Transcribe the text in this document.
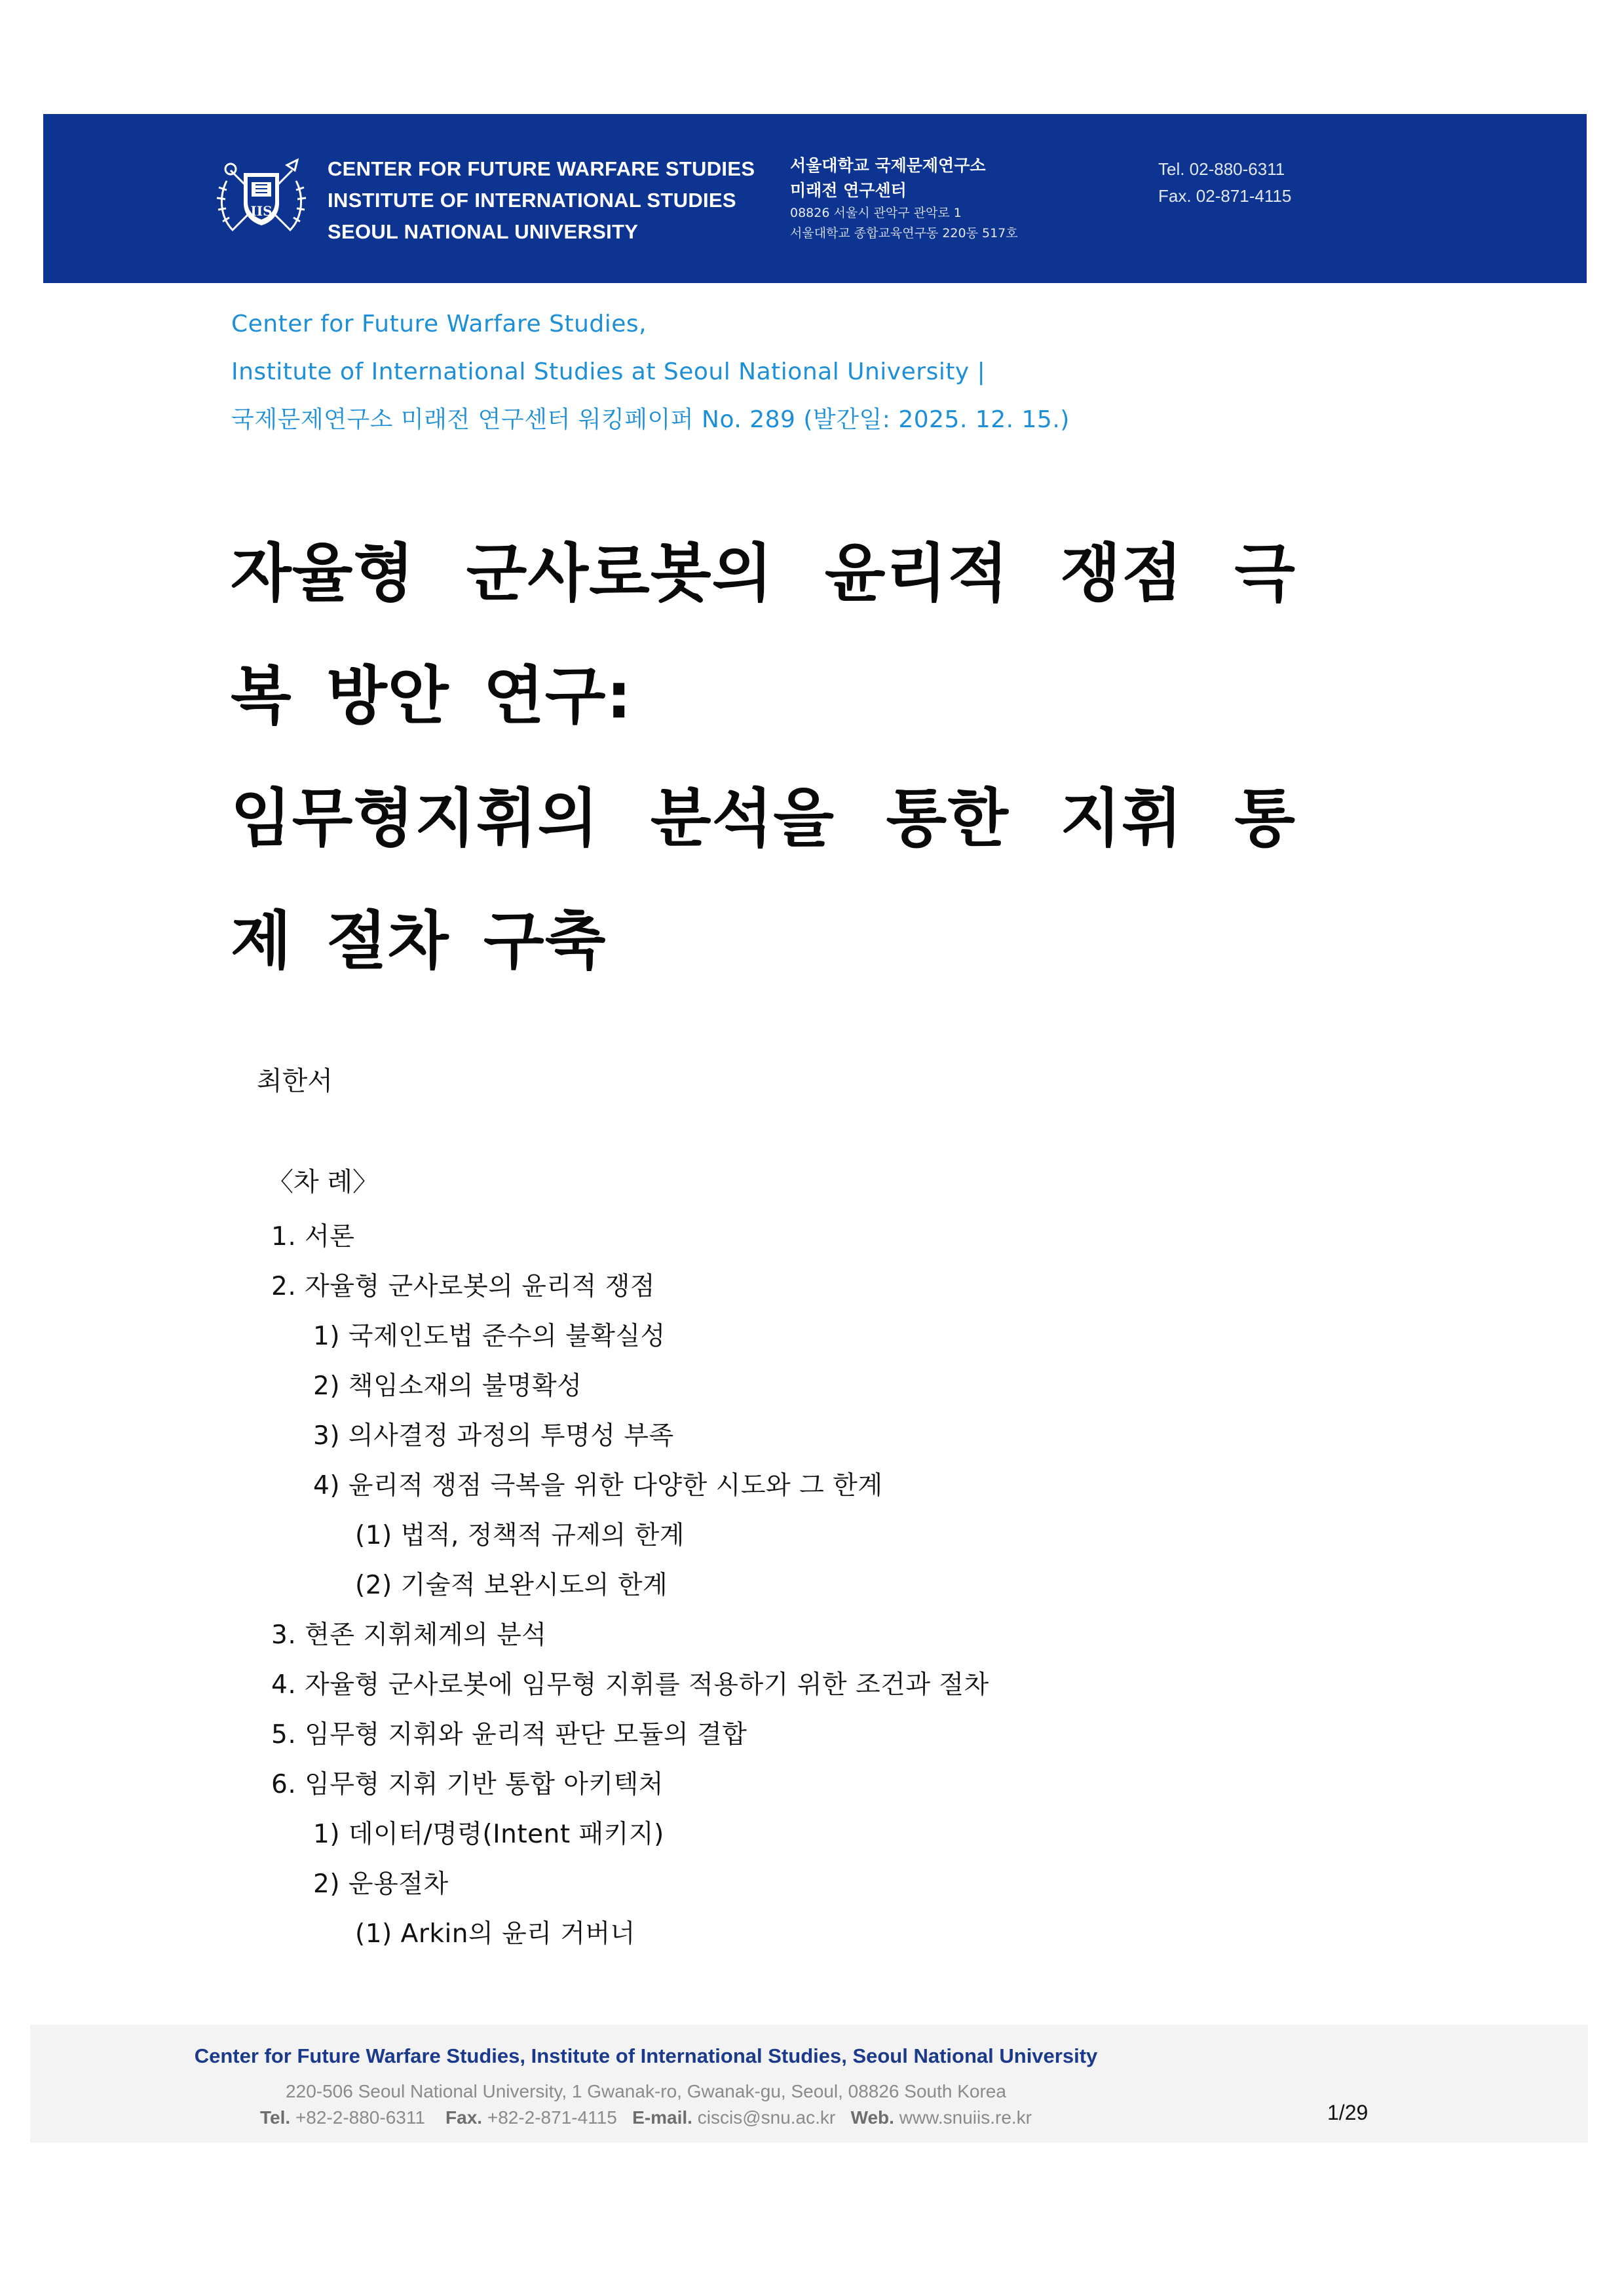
IIS
CENTER FOR FUTURE WARFARE STUDIES
INSTITUTE OF INTERNATIONAL STUDIES
SEOUL NATIONAL UNIVERSITY
서울대학교 국제문제연구소
미래전 연구센터
08826 서울시 관악구 관악로 1
서울대학교 종합교육연구동 220동 517호
Tel. 02-880-6311
Fax. 02-871-4115
Center for Future Warfare Studies,
Institute of International Studies at Seoul National University |
국제문제연구소 미래전 연구센터 워킹페이퍼 No. 289 (발간일: 2025. 12. 15.)
자율형 군사로봇의 윤리적 쟁점 극
복 방안 연구:
임무형지휘의 분석을 통한 지휘 통
제 절차 구축
최한서
〈차 례〉
1. 서론
2. 자율형 군사로봇의 윤리적 쟁점
1) 국제인도법 준수의 불확실성
2) 책임소재의 불명확성
3) 의사결정 과정의 투명성 부족
4) 윤리적 쟁점 극복을 위한 다양한 시도와 그 한계
(1) 법적, 정책적 규제의 한계
(2) 기술적 보완시도의 한계
3. 현존 지휘체계의 분석
4. 자율형 군사로봇에 임무형 지휘를 적용하기 위한 조건과 절차
5. 임무형 지휘와 윤리적 판단 모듈의 결합
6. 임무형 지휘 기반 통합 아키텍처
1) 데이터/명령(Intent 패키지)
2) 운용절차
(1) Arkin의 윤리 거버너
Center for Future Warfare Studies, Institute of International Studies, Seoul National University
220-506 Seoul National University, 1 Gwanak-ro, Gwanak-gu, Seoul, 08826 South Korea
Tel. +82-2-880-6311 Fax. +82-2-871-4115 E-mail. ciscis@snu.ac.kr Web. www.snuiis.re.kr	1/29
